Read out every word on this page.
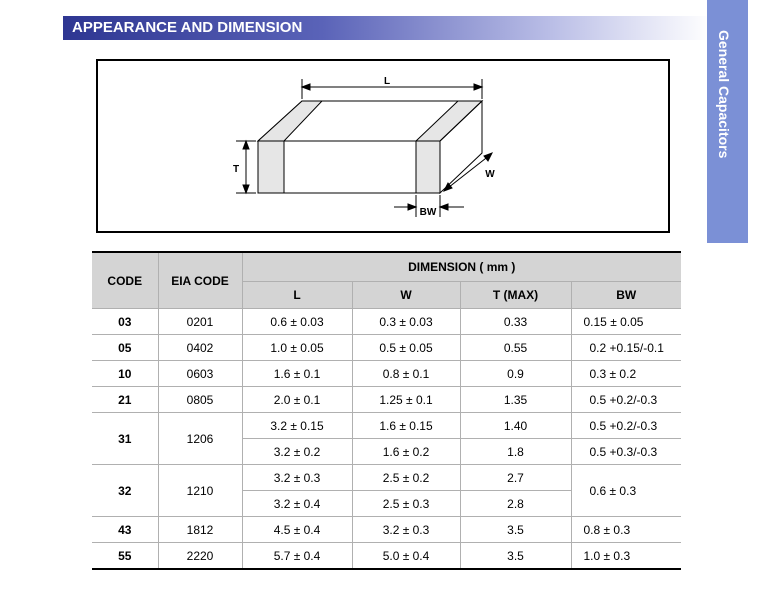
APPEARANCE AND DIMENSION
General Capacitors
L
T	W
BW
CODE	EIA CODE	DIMENSION ( mm )			
		L	W	T (MAX)	BW
03	0201	0.6 ± 0.03	0.3 ± 0.03	0.33	0.15 ± 0.05
05	0402	1.0 ± 0.05	0.5 ± 0.05	0.55	0.2 +0.15/-0.1
10	0603	1.6 ± 0.1	0.8 ± 0.1	0.9	0.3 ± 0.2
21	0805	2.0 ± 0.1	1.25 ± 0.1	1.35	0.5 +0.2/-0.3
31	1206	3.2 ± 0.15	1.6 ± 0.15	1.40	0.5 +0.2/-0.3
		3.2 ± 0.2	1.6 ± 0.2	1.8	0.5 +0.3/-0.3
32	1210	3.2 ± 0.3	2.5 ± 0.2	2.7	0.6 ± 0.3
		3.2 ± 0.4	2.5 ± 0.3	2.8	
43	1812	4.5 ± 0.4	3.2 ± 0.3	3.5	0.8 ± 0.3
55	2220	5.7 ± 0.4	5.0 ± 0.4	3.5	1.0 ± 0.3
